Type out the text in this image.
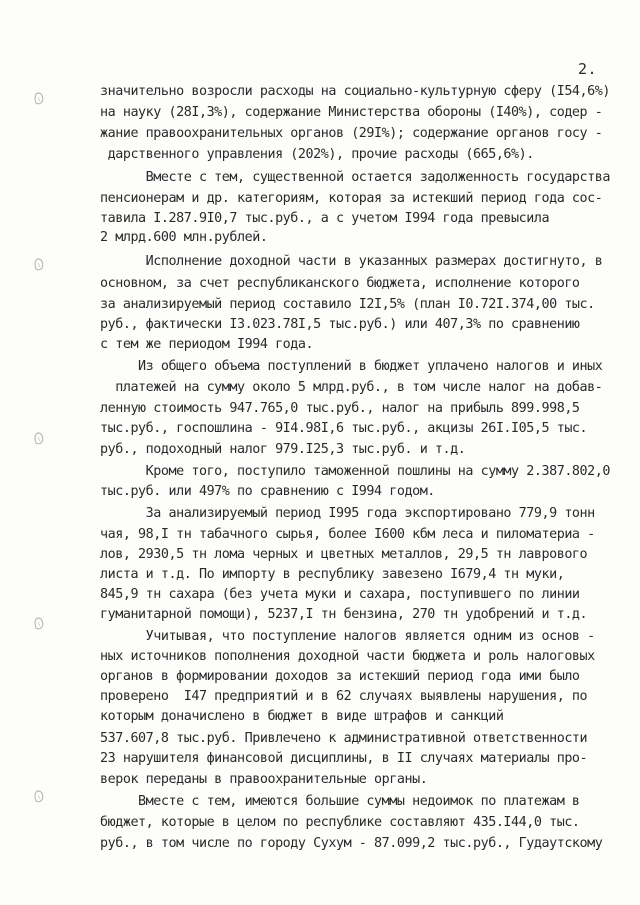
2.
значительно возросли расходы на социально-культурную сферу (I54,6%)
на науку (28I,3%), содержание Министерства обороны (I40%), содер -
жание правоохранительных органов (29I%); содержание органов госу -
дарственного управления (202%), прочие расходы (665,6%).
Вместе с тем, существенной остается задолженность государства
пенсионерам и др. категориям, которая за истекший период года сос-
тавила I.287.9I0,7 тыс.руб., а с учетом I994 года превысила
2 млрд.600 млн.рублей.
Исполнение доходной части в указанных размерах достигнуто, в
основном, за счет республиканского бюджета, исполнение которого
за анализируемый период составило I2I,5% (план I0.72I.374,00 тыс.
руб., фактически I3.023.78I,5 тыс.руб.) или 407,3% по сравнению
с тем же периодом I994 года.
Из общего объема поступлений в бюджет уплачено налогов и иных
платежей на сумму около 5 млрд.руб., в том числе налог на добав-
ленную стоимость 947.765,0 тыс.руб., налог на прибыль 899.998,5
тыс.руб., госпошлина - 9I4.98I,6 тыс.руб., акцизы 26I.I05,5 тыс.
руб., подоходный налог 979.I25,3 тыс.руб. и т.д.
Кроме того, поступило таможенной пошлины на сумму 2.387.802,0
тыс.руб. или 497% по сравнению с I994 годом.
За анализируемый период I995 года экспортировано 779,9 тонн
чая, 98,I тн табачного сырья, более I600 кбм леса и пиломатериа -
лов, 2930,5 тн лома черных и цветных металлов, 29,5 тн лаврового
листа и т.д. По импорту в республику завезено I679,4 тн муки,
845,9 тн сахара (без учета муки и сахара, поступившего по линии
гуманитарной помощи), 5237,I тн бензина, 270 тн удобрений и т.д.
Учитывая, что поступление налогов является одним из основ -
ных источников пополнения доходной части бюджета и роль налоговых
органов в формировании доходов за истекший период года ими было
проверено  I47 предприятий и в 62 случаях выявлены нарушения, по
которым доначислено в бюджет в виде штрафов и санкций
537.607,8 тыс.руб. Привлечено к административной ответственности
23 нарушителя финансовой дисциплины, в II случаях материалы про-
верок переданы в правоохранительные органы.
Вместе с тем, имеются большие суммы недоимок по платежам в
бюджет, которые в целом по республике составляют 435.I44,0 тыс.
руб., в том числе по городу Сухум - 87.099,2 тыс.руб., Гудаутскому
